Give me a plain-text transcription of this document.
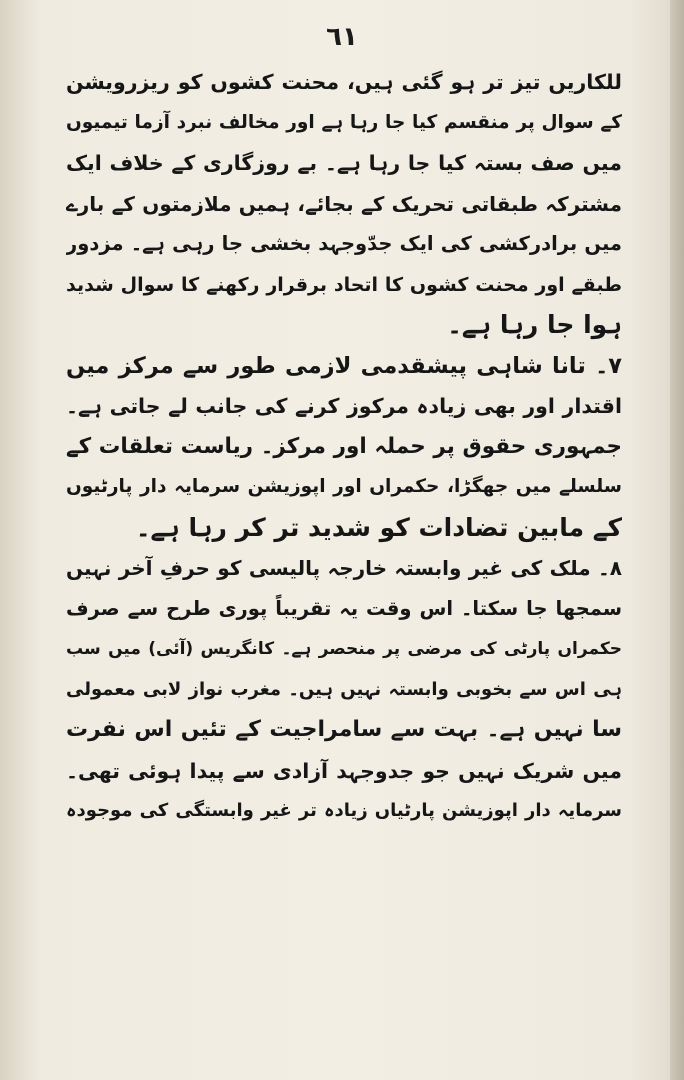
٦١
للکاریں تیز تر ہو گئی ہیں، محنت کشوں کو ریزرویشن
کے سوال پر منقسم کیا جا رہا ہے اور مخالف نبرد آزما تیمیوں
میں صف بستہ کیا جا رہا ہے۔ بے روزگاری کے خلاف ایک
مشترکہ طبقاتی تحریک کے بجائے، ہمیں ملازمتوں کے بارے
میں برادرکشی کی ایک جدّوجہد بخشی جا رہی ہے۔ مزدور
طبقے اور محنت کشوں کا اتحاد برقرار رکھنے کا سوال شدید
ہوا جا رہا ہے۔
۷۔ تانا شاہی پیشقدمی لازمی طور سے مرکز میں
اقتدار اور بھی زیادہ مرکوز کرنے کی جانب لے جاتی ہے۔
جمہوری حقوق پر حملہ اور مرکز۔ ریاست تعلقات کے
سلسلے میں جھگڑا، حکمراں اور اپوزیشن سرمایہ دار پارٹیوں
کے مابین تضادات کو شدید تر کر رہا ہے۔
۸۔ ملک کی غیر وابستہ خارجہ پالیسی کو حرفِ آخر نہیں
سمجھا جا سکتا۔ اس وقت یہ تقریباً پوری طرح سے صرف
حکمراں پارٹی کی مرضی پر منحصر ہے۔ کانگریس (آئی) میں سب
ہی اس سے بخوبی وابستہ نہیں ہیں۔ مغرب نواز لابی معمولی
سا نہیں ہے۔ بہت سے سامراجیت کے تئیں اس نفرت
میں شریک نہیں جو جدوجہد آزادی سے پیدا ہوئی تھی۔
سرمایہ دار اپوزیشن پارٹیاں زیادہ تر غیر وابستگی کی موجودہ
